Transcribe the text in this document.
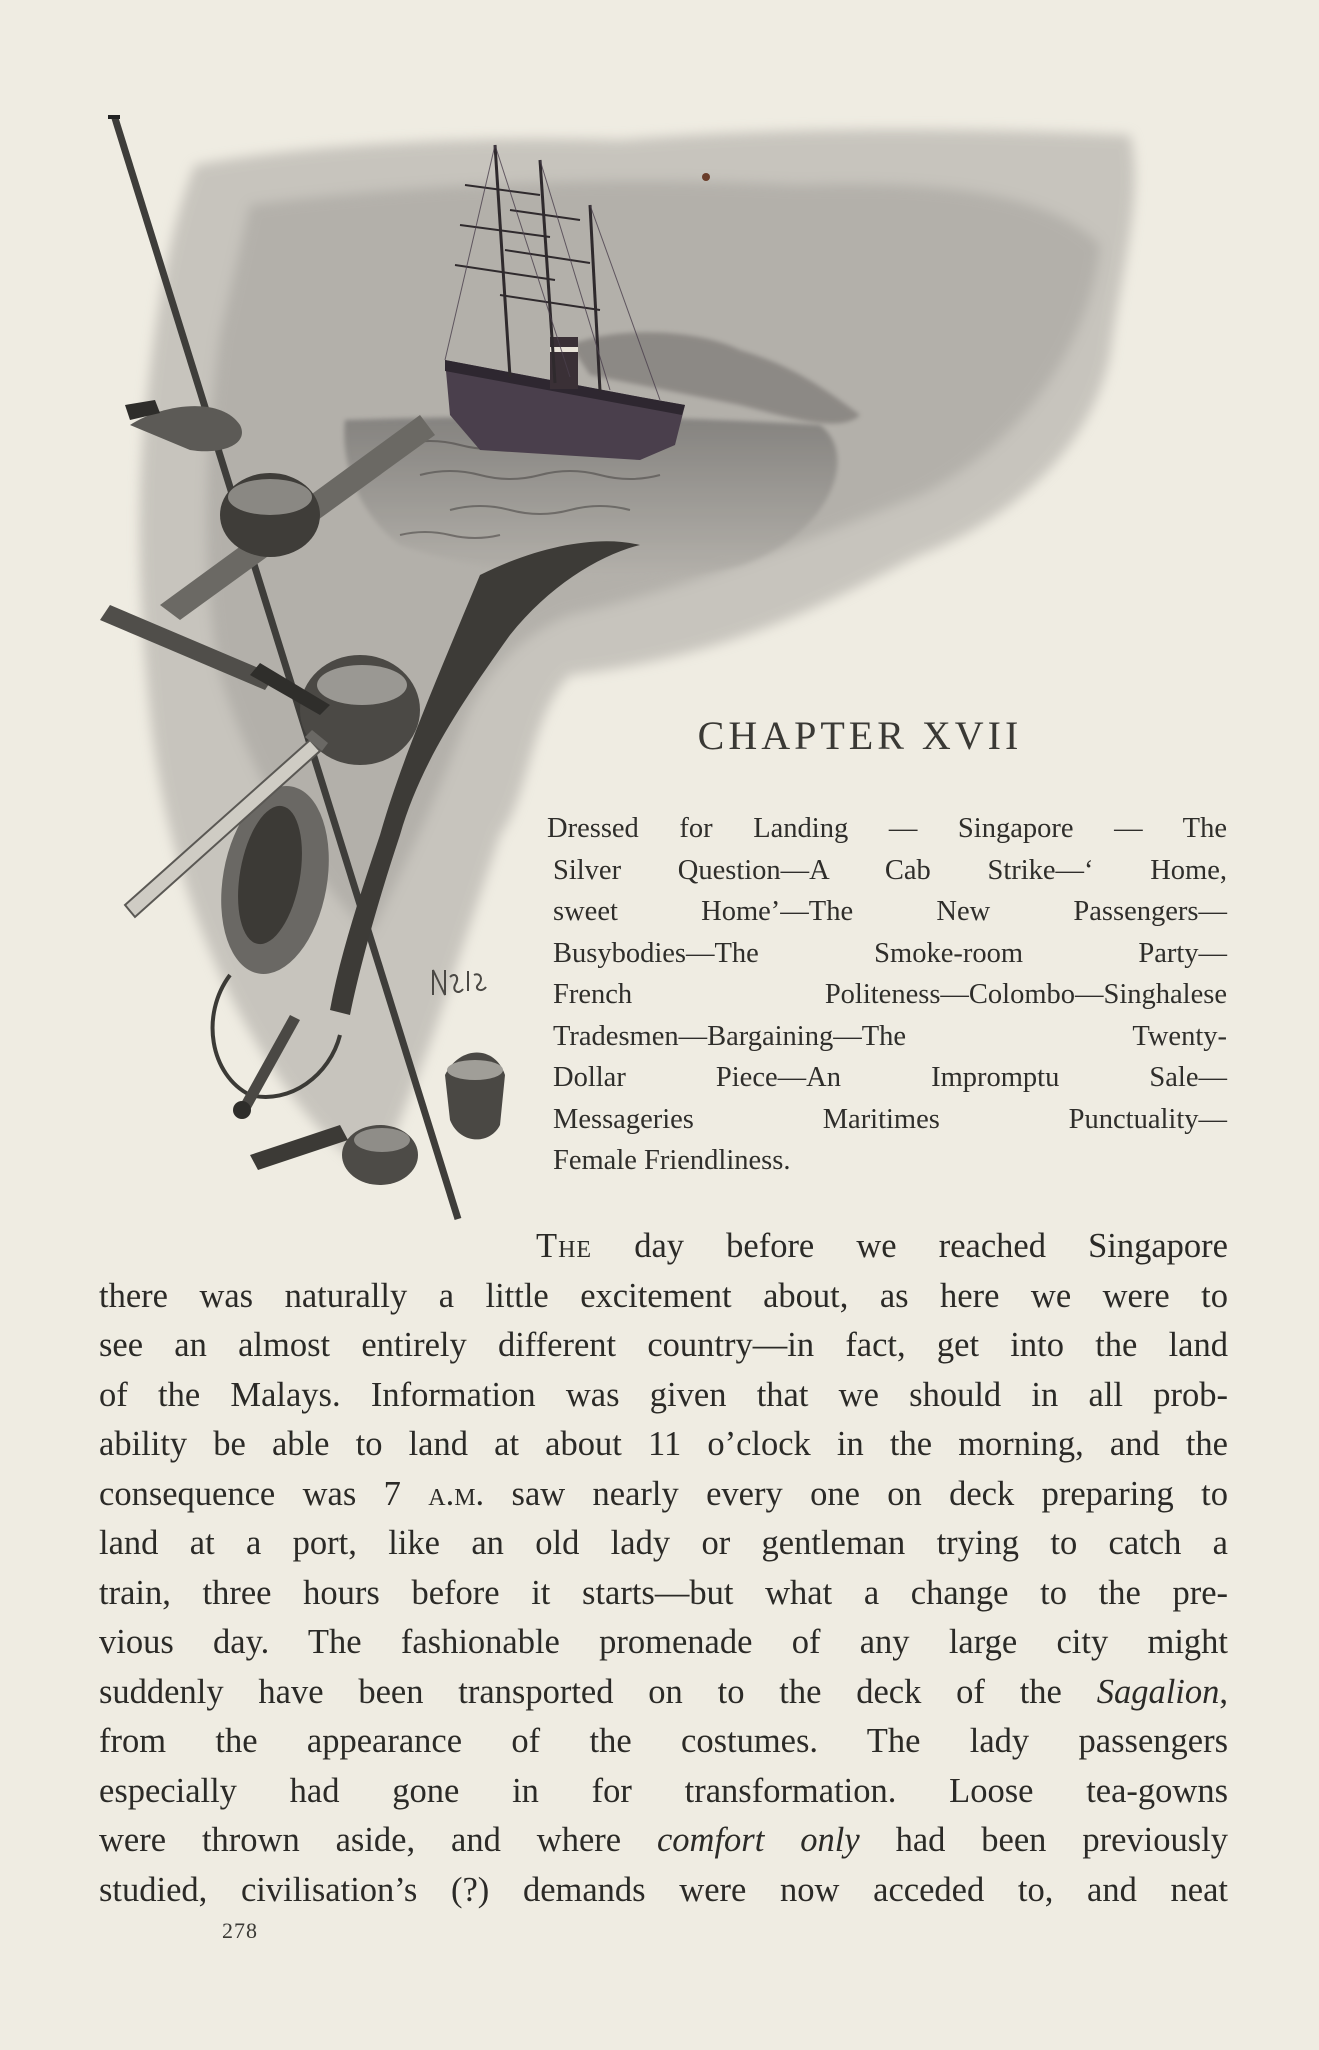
CHAPTER XVII
Dressed for Landing — Singapore — The
Silver Question—A Cab Strike—‘ Home,
sweet Home’—The New Passengers—
Busybodies—The Smoke-room Party—
French Politeness—Colombo—Singhalese
Tradesmen—Bargaining—The Twenty-
Dollar Piece—An Impromptu Sale—
Messageries Maritimes Punctuality—
Female Friendliness.
The day before we reached Singapore
there was naturally a little excitement about, as here we were to
see an almost entirely different country—in fact, get into the land
of the Malays. Information was given that we should in all prob-
ability be able to land at about 11 o’clock in the morning, and the
consequence was 7 a.m. saw nearly every one on deck preparing to
land at a port, like an old lady or gentleman trying to catch a
train, three hours before it starts—but what a change to the pre-
vious day. The fashionable promenade of any large city might
suddenly have been transported on to the deck of the Sagalion,
from the appearance of the costumes. The lady passengers
especially had gone in for transformation. Loose tea-gowns
were thrown aside, and where comfort only had been previously
studied, civilisation’s (?) demands were now acceded to, and neat
278
